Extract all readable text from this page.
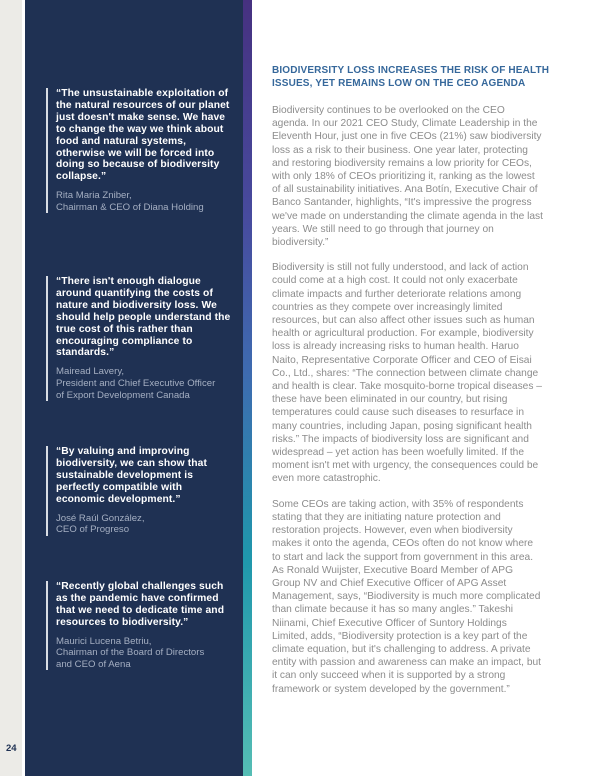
24
“The unsustainable exploitation of the natural resources of our planet just doesn't make sense. We have to change the way we think about food and natural systems, otherwise we will be forced into doing so because of biodiversity collapse.”
Rita Maria Zniber,
Chairman & CEO of Diana Holding
“There isn't enough dialogue around quantifying the costs of nature and biodiversity loss. We should help people understand the true cost of this rather than encouraging compliance to standards.”
Mairead Lavery,
President and Chief Executive Officer
of Export Development Canada
“By valuing and improving biodiversity, we can show that sustainable development is perfectly compatible with economic development.”
José Raúl González,
CEO of Progreso
“Recently global challenges such as the pandemic have confirmed that we need to dedicate time and resources to biodiversity.”
Maurici Lucena Betriu,
Chairman of the Board of Directors
and CEO of Aena
BIODIVERSITY LOSS INCREASES THE RISK OF HEALTH ISSUES, YET REMAINS LOW ON THE CEO AGENDA

Biodiversity continues to be overlooked on the CEO agenda. In our 2021 CEO Study, Climate Leadership in the Eleventh Hour, just one in five CEOs (21%) saw biodiversity loss as a risk to their business. One year later, protecting and restoring biodiversity remains a low priority for CEOs, with only 18% of CEOs prioritizing it, ranking as the lowest of all sustainability initiatives. Ana Botín, Executive Chair of Banco Santander, highlights, “It's impressive the progress we've made on understanding the climate agenda in the last years. We still need to go through that journey on biodiversity.”

Biodiversity is still not fully understood, and lack of action could come at a high cost. It could not only exacerbate climate impacts and further deteriorate relations among countries as they compete over increasingly limited resources, but can also affect other issues such as human health or agricultural production. For example, biodiversity loss is already increasing risks to human health. Haruo Naito, Representative Corporate Officer and CEO of Eisai Co., Ltd., shares: “The connection between climate change and health is clear. Take mosquito-borne tropical diseases – these have been eliminated in our country, but rising temperatures could cause such diseases to resurface in many countries, including Japan, posing significant health risks.” The impacts of biodiversity loss are significant and widespread – yet action has been woefully limited. If the moment isn't met with urgency, the consequences could be even more catastrophic.

Some CEOs are taking action, with 35% of respondents stating that they are initiating nature protection and restoration projects. However, even when biodiversity makes it onto the agenda, CEOs often do not know where to start and lack the support from government in this area. As Ronald Wuijster, Executive Board Member of APG Group NV and Chief Executive Officer of APG Asset Management, says, “Biodiversity is much more complicated than climate because it has so many angles.” Takeshi Niinami, Chief Executive Officer of Suntory Holdings Limited, adds, “Biodiversity protection is a key part of the climate equation, but it's challenging to address. A private entity with passion and awareness can make an impact, but it can only succeed when it is supported by a strong framework or system developed by the government.”
